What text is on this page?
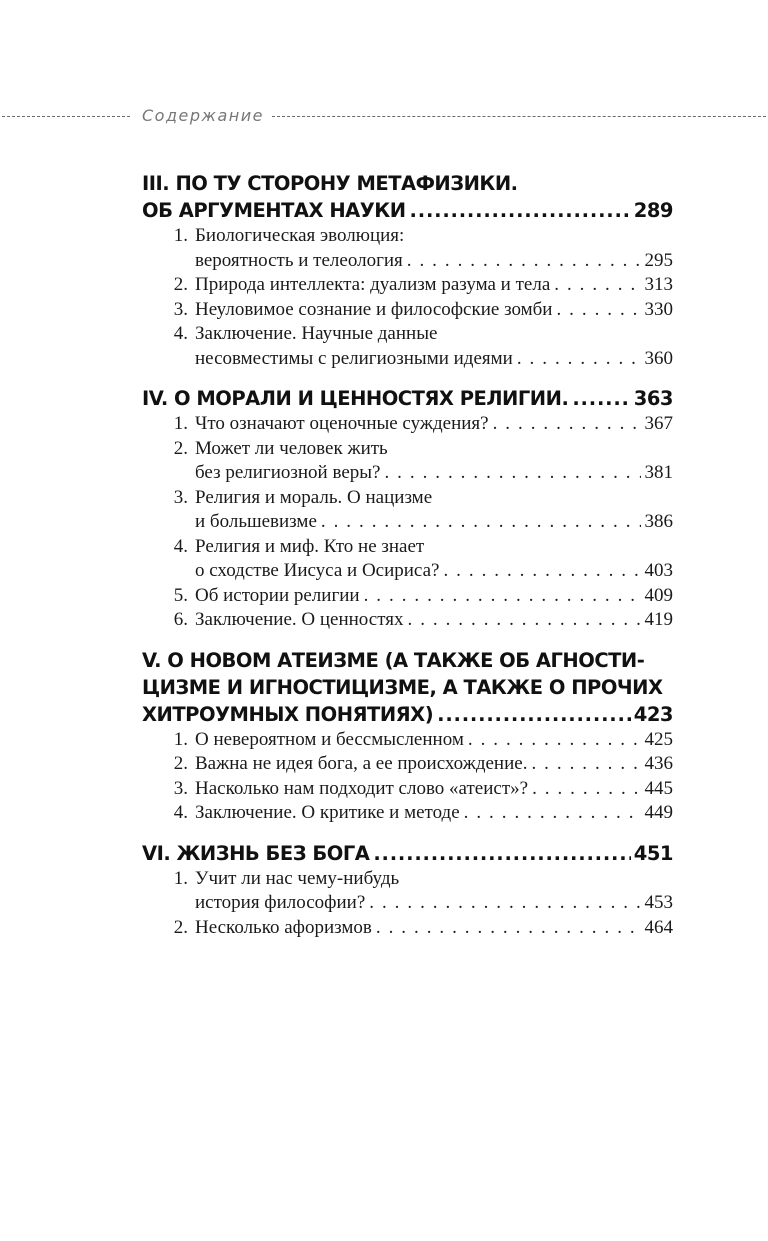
Содержание
III. ПО ТУ СТОРОНУ МЕТАФИЗИКИ.
ОБ АРГУМЕНТАХ НАУКИ . . .	289
1. Биологическая эволюция:
вероятность и телеология . . .	295
2. Природа интеллекта: дуализм разума и тела . . .	313
3. Неуловимое сознание и философские зомби . . .	330
4. Заключение. Научные данные
несовместимы с религиозными идеями . . .	360
IV. О МОРАЛИ И ЦЕННОСТЯХ РЕЛИГИИ. . . .	363
1. Что означают оценочные суждения? . . .	367
2. Может ли человек жить
без религиозной веры? . . .	381
3. Религия и мораль. О нацизме
и большевизме . . .	386
4. Религия и миф. Кто не знает
о сходстве Иисуса и Осириса? . . .	403
5. Об истории религии . . .	409
6. Заключение. О ценностях . . .	419
V. О НОВОМ АТЕИЗМЕ (А ТАКЖЕ ОБ АГНОСТИ-
ЦИЗМЕ И ИГНОСТИЦИЗМЕ, А ТАКЖЕ О ПРОЧИХ
ХИТРОУМНЫХ ПОНЯТИЯХ) . . .	423
1. О невероятном и бессмысленном . . .	425
2. Важна не идея бога, а ее происхождение. . . .	436
3. Насколько нам подходит слово «атеист»? . . .	445
4. Заключение. О критике и методе . . .	449
VI. ЖИЗНЬ БЕЗ БОГА . . .	451
1. Учит ли нас чему-нибудь
история философии? . . .	453
2. Несколько афоризмов . . .	464
